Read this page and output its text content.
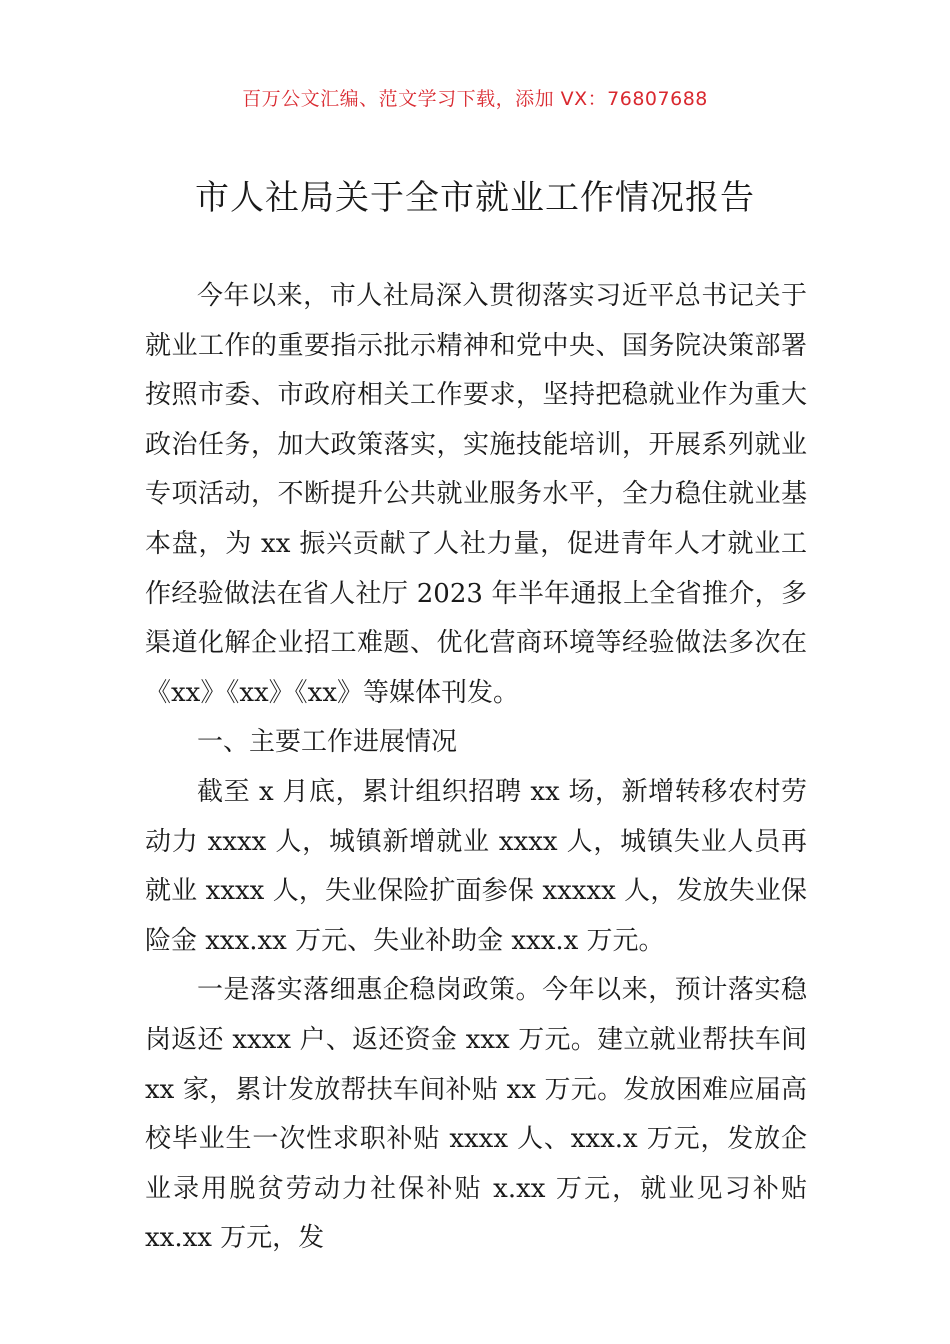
百万公文汇编、范文学习下载，添加 VX：76807688
市人社局关于全市就业工作情况报告

今年以来，市人社局深入贯彻落实习近平总书记关于就业工作的重要指示批示精神和党中央、国务院决策部署按照市委、市政府相关工作要求，坚持把稳就业作为重大政治任务，加大政策落实，实施技能培训，开展系列就业专项活动，不断提升公共就业服务水平，全力稳住就业基本盘，为 xx 振兴贡献了人社力量，促进青年人才就业工作经验做法在省人社厅 2023 年半年通报上全省推介，多渠道化解企业招工难题、优化营商环境等经验做法多次在《xx》《xx》《xx》等媒体刊发。

一、主要工作进展情况

截至 x 月底，累计组织招聘 xx 场，新增转移农村劳动力 xxxx 人，城镇新增就业 xxxx 人，城镇失业人员再就业 xxxx 人，失业保险扩面参保 xxxxx 人，发放失业保险金 xxx.xx 万元、失业补助金 xxx.x 万元。

一是落实落细惠企稳岗政策。今年以来，预计落实稳岗返还 xxxx 户、返还资金 xxx 万元。建立就业帮扶车间 xx 家，累计发放帮扶车间补贴 xx 万元。发放困难应届高校毕业生一次性求职补贴 xxxx 人、xxx.x 万元，发放企业录用脱贫劳动力社保补贴 x.xx 万元，就业见习补贴 xx.xx 万元，发
